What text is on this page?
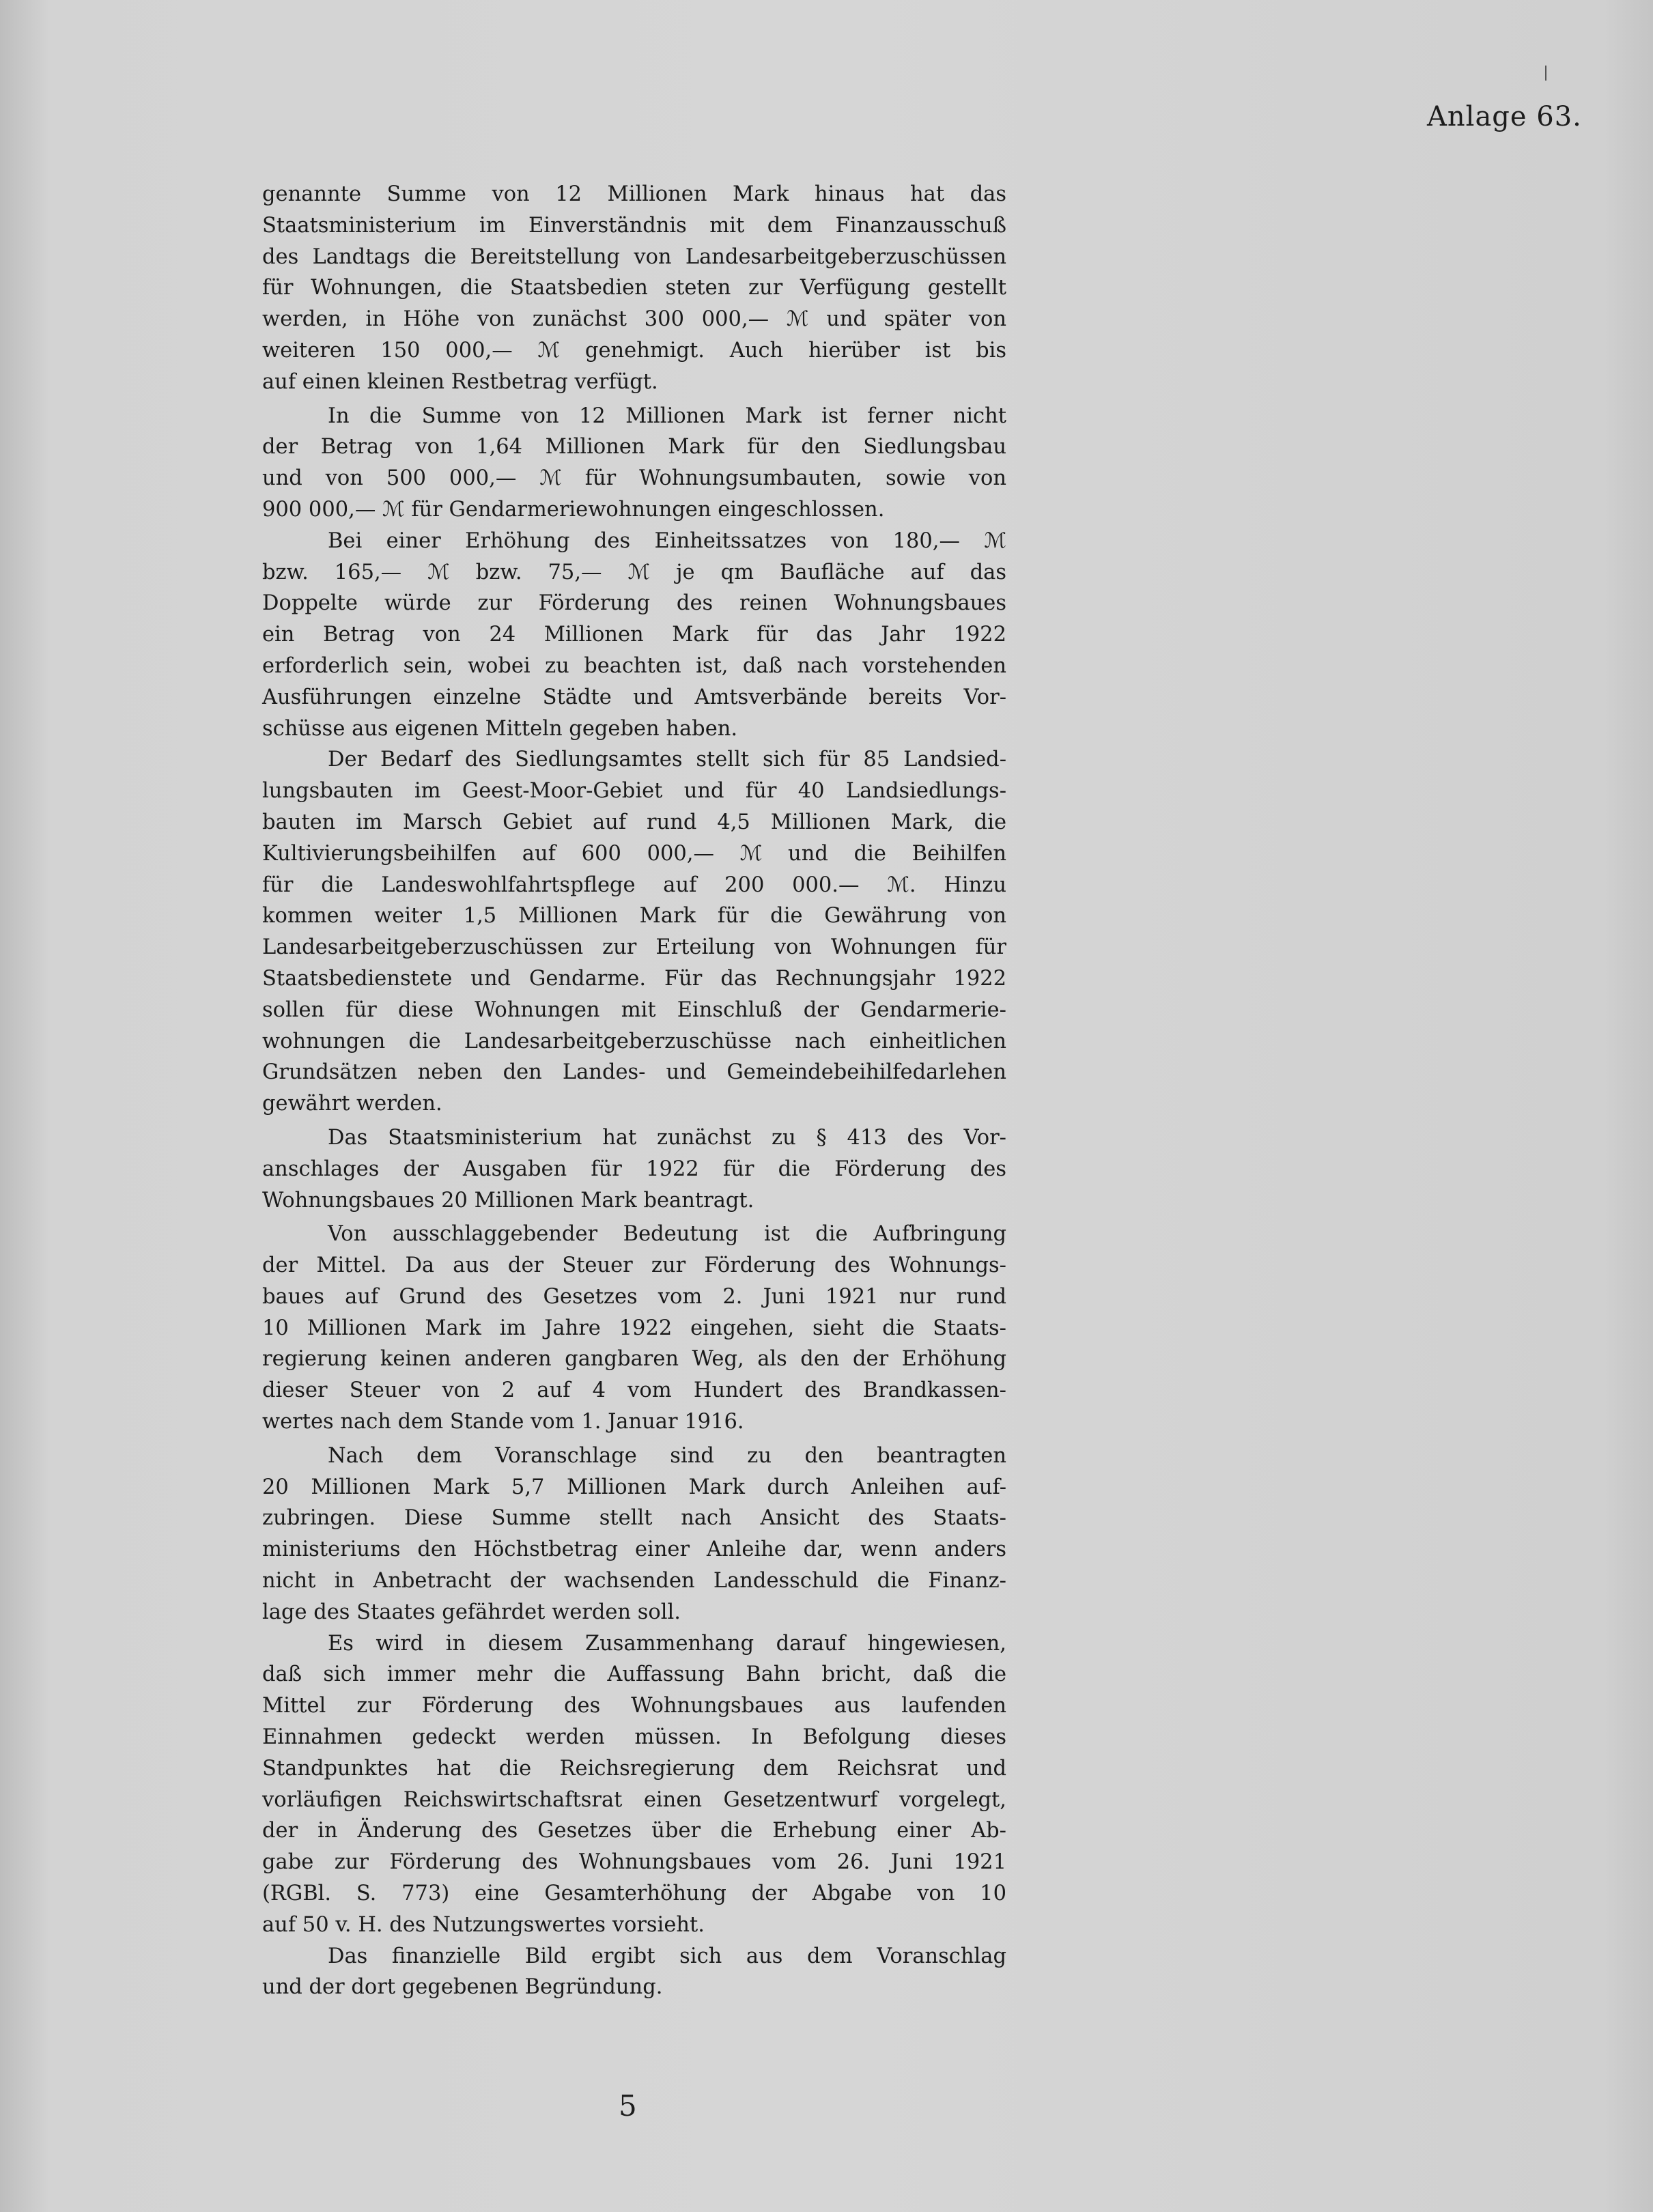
Anlage 63.

genannte Summe von 12 Millionen Mark hinaus hat das
Staatsministerium im Einverständnis mit dem Finanzausschuß
des Landtags die Bereitstellung von Landesarbeitgeberzuschüssen
für Wohnungen, die Staatsbedien steten zur Verfügung gestellt
werden, in Höhe von zunächst 300 000,— ℳ und später von
weiteren 150 000,— ℳ genehmigt. Auch hierüber ist bis
auf einen kleinen Restbetrag verfügt.

In die Summe von 12 Millionen Mark ist ferner nicht
der Betrag von 1,64 Millionen Mark für den Siedlungsbau
und von 500 000,— ℳ für Wohnungsumbauten, sowie von
900 000,— ℳ für Gendarmeriewohnungen eingeschlossen.

Bei einer Erhöhung des Einheitssatzes von 180,— ℳ
bzw. 165,— ℳ bzw. 75,— ℳ je qm Baufläche auf das
Doppelte würde zur Förderung des reinen Wohnungsbaues
ein Betrag von 24 Millionen Mark für das Jahr 1922
erforderlich sein, wobei zu beachten ist, daß nach vorstehenden
Ausführungen einzelne Städte und Amtsverbände bereits Vor-
schüsse aus eigenen Mitteln gegeben haben.

Der Bedarf des Siedlungsamtes stellt sich für 85 Landsied-
lungsbauten im Geest-Moor-Gebiet und für 40 Landsiedlungs-
bauten im Marsch Gebiet auf rund 4,5 Millionen Mark, die
Kultivierungsbeihilfen auf 600 000,— ℳ und die Beihilfen
für die Landeswohlfahrtspflege auf 200 000.— ℳ. Hinzu
kommen weiter 1,5 Millionen Mark für die Gewährung von
Landesarbeitgeberzuschüssen zur Erteilung von Wohnungen für
Staatsbedienstete und Gendarme. Für das Rechnungsjahr 1922
sollen für diese Wohnungen mit Einschluß der Gendarmerie-
wohnungen die Landesarbeitgeberzuschüsse nach einheitlichen
Grundsätzen neben den Landes- und Gemeindebeihilfedarlehen
gewährt werden.

Das Staatsministerium hat zunächst zu § 413 des Vor-
anschlages der Ausgaben für 1922 für die Förderung des
Wohnungsbaues 20 Millionen Mark beantragt.

Von ausschlaggebender Bedeutung ist die Aufbringung
der Mittel. Da aus der Steuer zur Förderung des Wohnungs-
baues auf Grund des Gesetzes vom 2. Juni 1921 nur rund
10 Millionen Mark im Jahre 1922 eingehen, sieht die Staats-
regierung keinen anderen gangbaren Weg, als den der Erhöhung
dieser Steuer von 2 auf 4 vom Hundert des Brandkassen-
wertes nach dem Stande vom 1. Januar 1916.

Nach dem Voranschlage sind zu den beantragten
20 Millionen Mark 5,7 Millionen Mark durch Anleihen auf-
zubringen. Diese Summe stellt nach Ansicht des Staats-
ministeriums den Höchstbetrag einer Anleihe dar, wenn anders
nicht in Anbetracht der wachsenden Landesschuld die Finanz-
lage des Staates gefährdet werden soll.

Es wird in diesem Zusammenhang darauf hingewiesen,
daß sich immer mehr die Auffassung Bahn bricht, daß die
Mittel zur Förderung des Wohnungsbaues aus laufenden
Einnahmen gedeckt werden müssen. In Befolgung dieses
Standpunktes hat die Reichsregierung dem Reichsrat und
vorläufigen Reichswirtschaftsrat einen Gesetzentwurf vorgelegt,
der in Änderung des Gesetzes über die Erhebung einer Ab-
gabe zur Förderung des Wohnungsbaues vom 26. Juni 1921
(RGBl. S. 773) eine Gesamterhöhung der Abgabe von 10
auf 50 v. H. des Nutzungswertes vorsieht.

Das finanzielle Bild ergibt sich aus dem Voranschlag
und der dort gegebenen Begründung.

5
